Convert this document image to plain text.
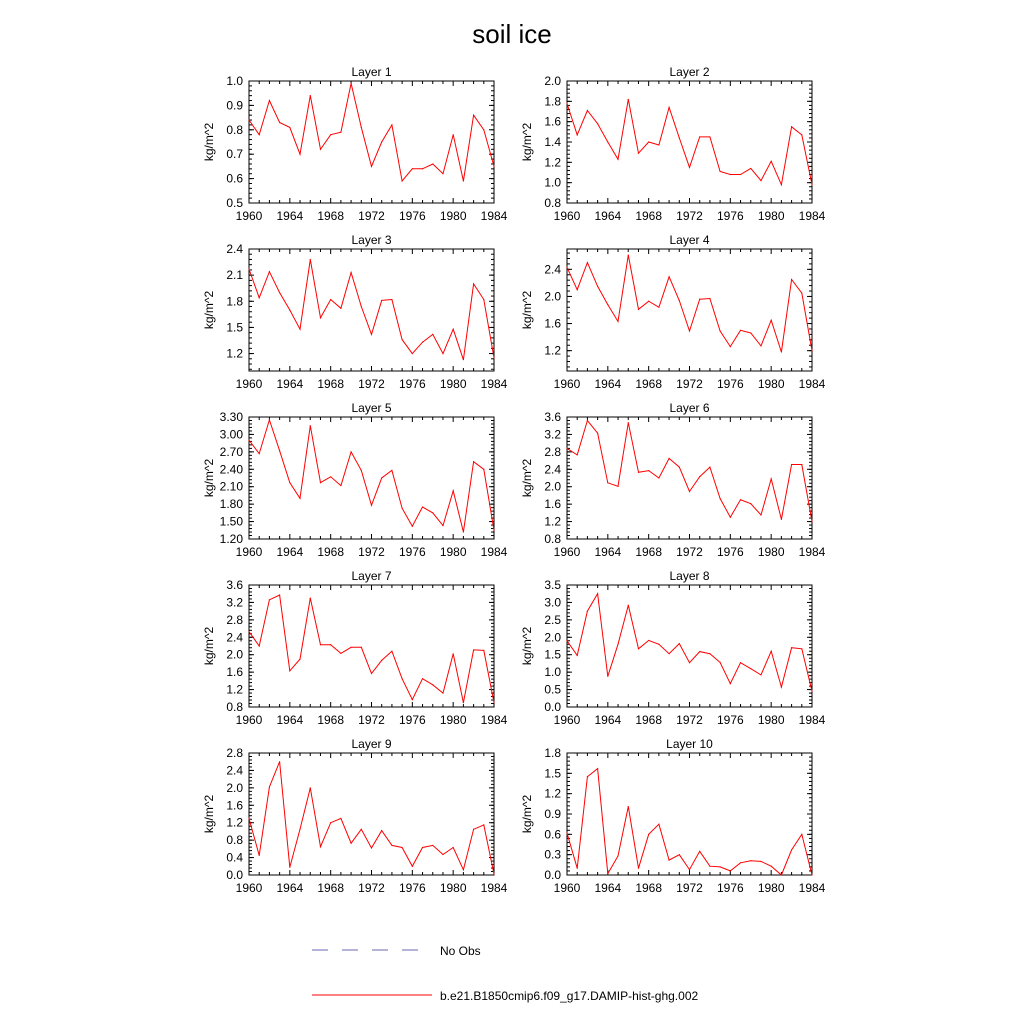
soil ice
Layer 1
kg/m^2
1960 1964 1968 1972 1976 1980 1984
0.5
0.6
0.7
0.8
0.9
1.0
Layer 2
kg/m^2
1960 1964 1968 1972 1976 1980 1984
0.8
1.0
1.2
1.4
1.6
1.8
2.0
Layer 3
kg/m^2
1960 1964 1968 1972 1976 1980 1984
1.2
1.5
1.8
2.1
2.4
Layer 4
kg/m^2
1960 1964 1968 1972 1976 1980 1984
1.2
1.6
2.0
2.4
Layer 5
kg/m^2
1960 1964 1968 1972 1976 1980 1984
1.20
1.50
1.80
2.10
2.40
2.70
3.00
3.30
Layer 6
kg/m^2
1960 1964 1968 1972 1976 1980 1984
0.8
1.2
1.6
2.0
2.4
2.8
3.2
3.6
Layer 7
kg/m^2
1960 1964 1968 1972 1976 1980 1984
0.8
1.2
1.6
2.0
2.4
2.8
3.2
3.6
Layer 8
kg/m^2
1960 1964 1968 1972 1976 1980 1984
0.0
0.5
1.0
1.5
2.0
2.5
3.0
3.5
Layer 9
kg/m^2
1960 1964 1968 1972 1976 1980 1984
0.0
0.4
0.8
1.2
1.6
2.0
2.4
2.8
Layer 10
kg/m^2
1960 1964 1968 1972 1976 1980 1984
0.0
0.3
0.6
0.9
1.2
1.5
1.8
No Obs
b.e21.B1850cmip6.f09_g17.DAMIP-hist-ghg.002
